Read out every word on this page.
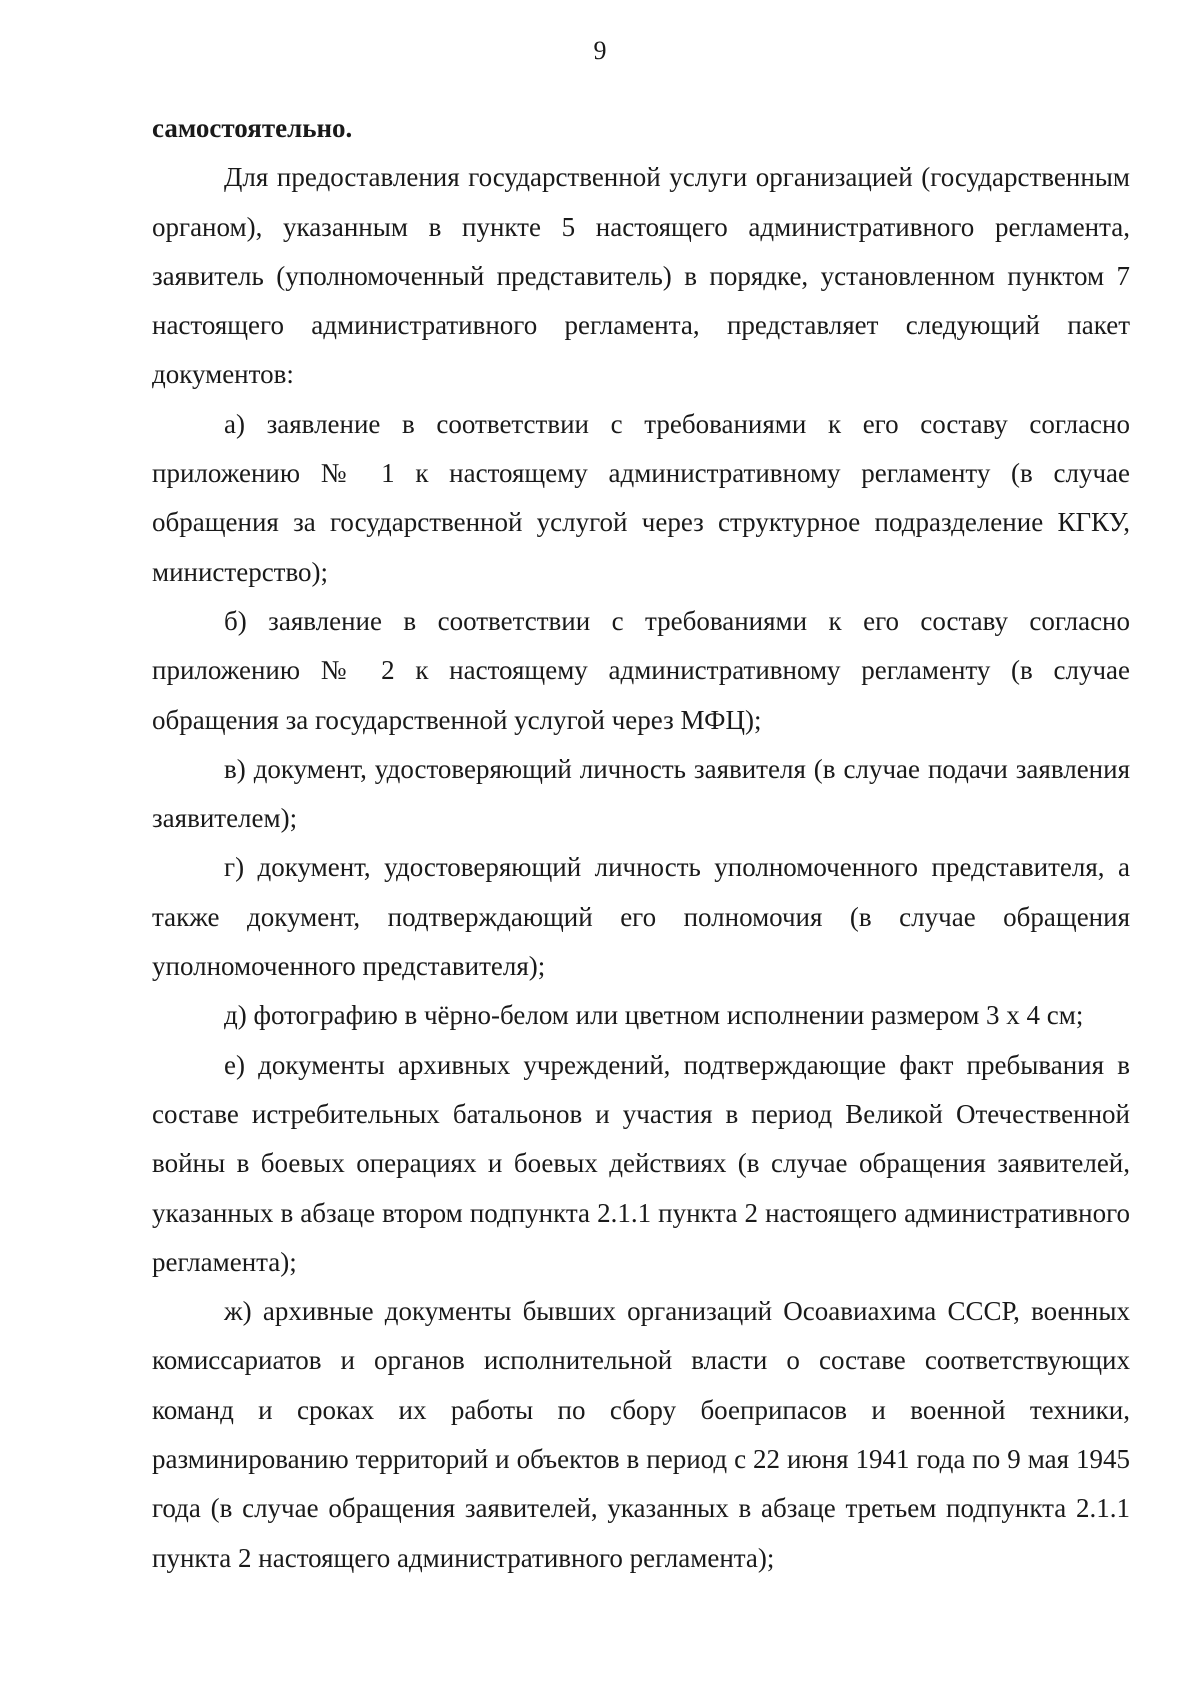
9

самостоятельно.

Для предоставления государственной услуги организацией (государственным органом), указанным в пункте 5 настоящего административного регламента, заявитель (уполномоченный представитель) в порядке, установленном пунктом 7 настоящего административного регламента, представляет следующий пакет документов:

а) заявление в соответствии с требованиями к его составу согласно приложению № 1 к настоящему административному регламенту (в случае обращения за государственной услугой через структурное подразделение КГКУ, министерство);

б) заявление в соответствии с требованиями к его составу согласно приложению № 2 к настоящему административному регламенту (в случае обращения за государственной услугой через МФЦ);

в) документ, удостоверяющий личность заявителя (в случае подачи заявления заявителем);

г) документ, удостоверяющий личность уполномоченного представителя, а также документ, подтверждающий его полномочия (в случае обращения уполномоченного представителя);

д) фотографию в чёрно-белом или цветном исполнении размером 3 х 4 см;

е) документы архивных учреждений, подтверждающие факт пребывания в составе истребительных батальонов и участия в период Великой Отечественной войны в боевых операциях и боевых действиях (в случае обращения заявителей, указанных в абзаце втором подпункта 2.1.1 пункта 2 настоящего административного регламента);

ж) архивные документы бывших организаций Осоавиахима СССР, военных комиссариатов и органов исполнительной власти о составе соответствующих команд и сроках их работы по сбору боеприпасов и военной техники, разминированию территорий и объектов в период с 22 июня 1941 года по 9 мая 1945 года (в случае обращения заявителей, указанных в абзаце третьем подпункта 2.1.1 пункта 2 настоящего административного регламента);
